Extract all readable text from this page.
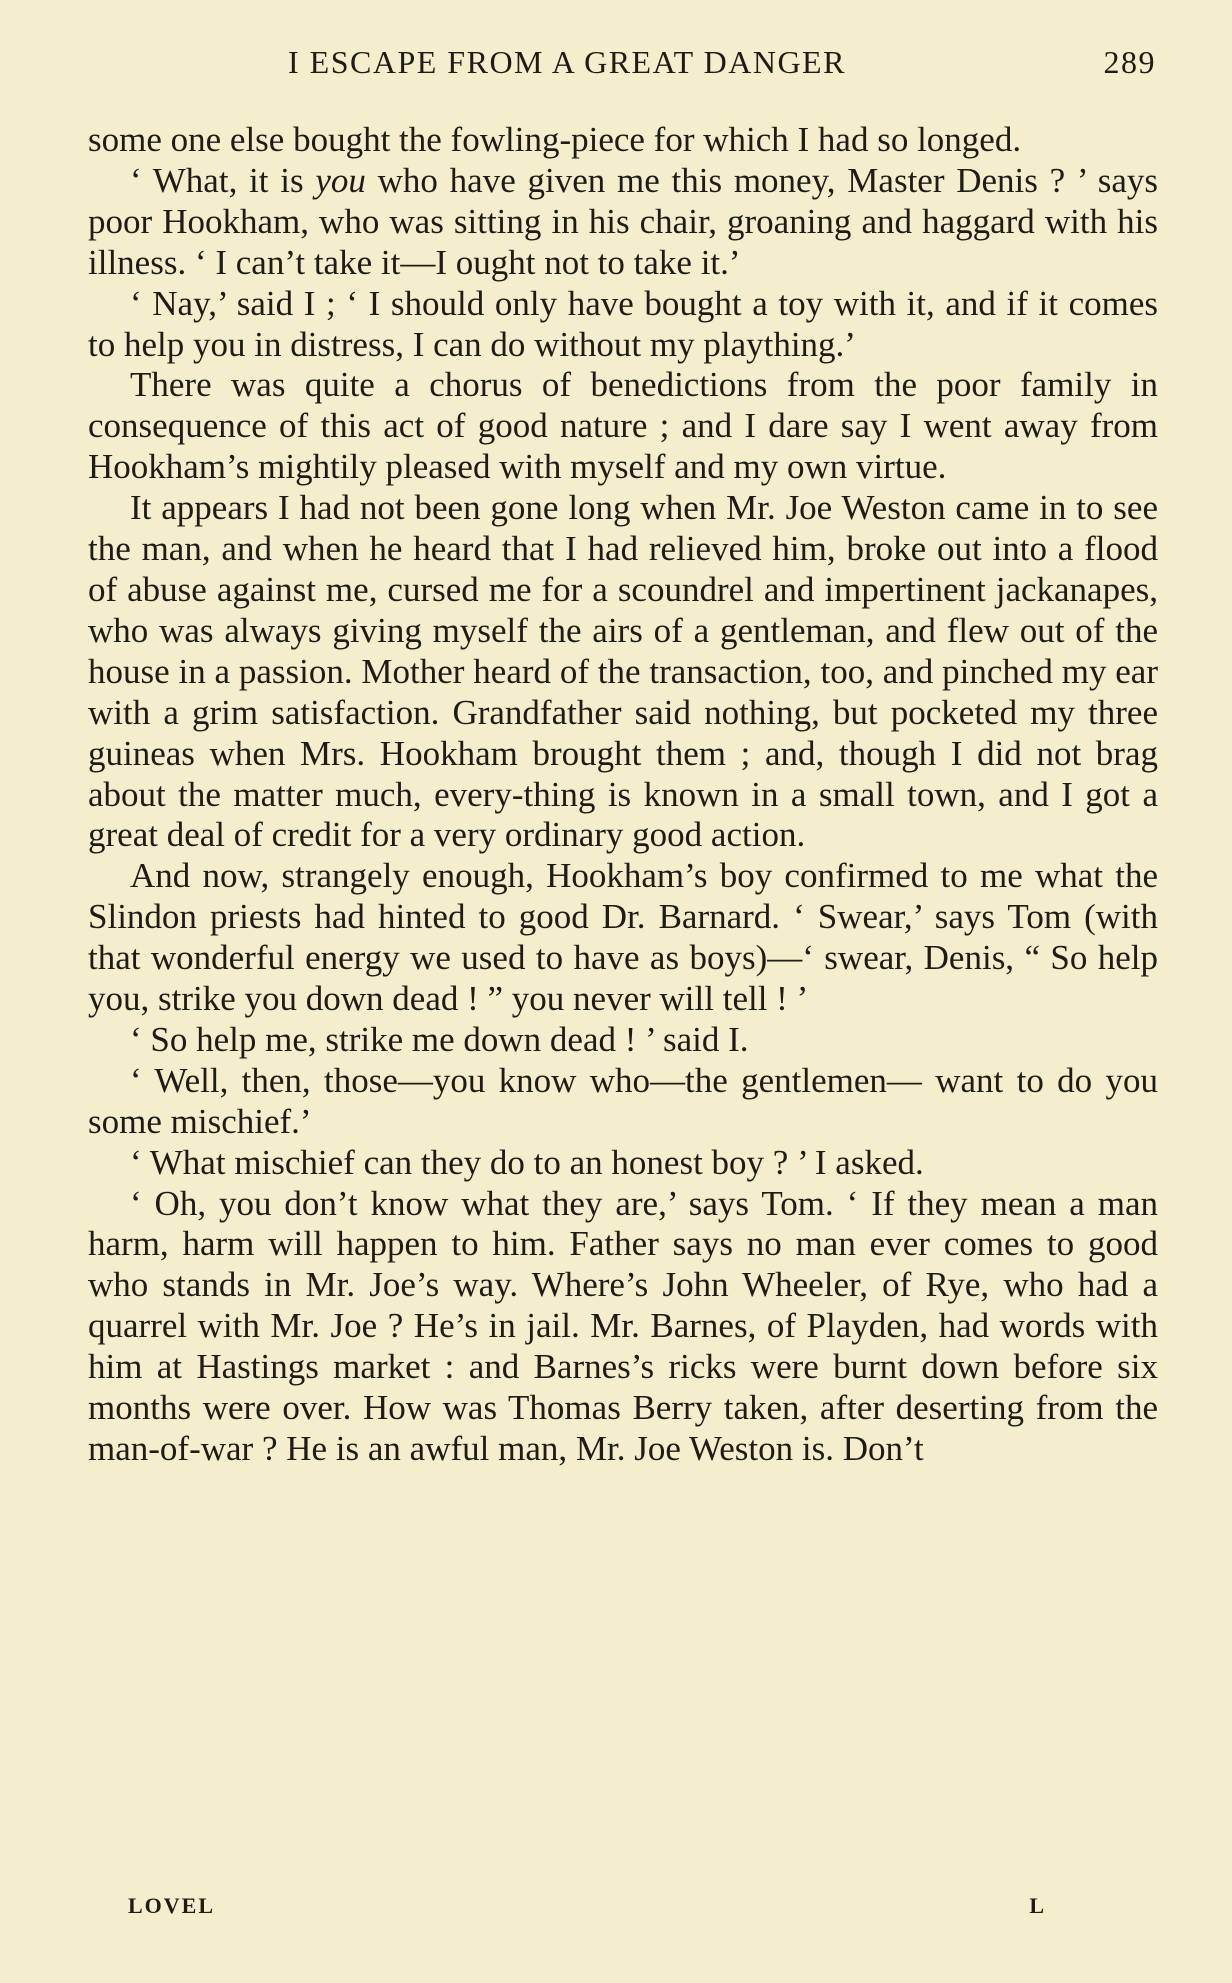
I ESCAPE FROM A GREAT DANGER	289

some one else bought the fowling-piece for which I had so longed.

‘ What, it is you who have given me this money, Master Denis ? ’ says poor Hookham, who was sitting in his chair, groaning and haggard with his illness. ‘ I can’t take it—I ought not to take it.’

‘ Nay,’ said I ; ‘ I should only have bought a toy with it, and if it comes to help you in distress, I can do without my plaything.’

There was quite a chorus of benedictions from the poor family in consequence of this act of good nature ; and I dare say I went away from Hookham’s mightily pleased with myself and my own virtue.

It appears I had not been gone long when Mr. Joe Weston came in to see the man, and when he heard that I had relieved him, broke out into a flood of abuse against me, cursed me for a scoundrel and impertinent jackanapes, who was always giving myself the airs of a gentleman, and flew out of the house in a passion. Mother heard of the transaction, too, and pinched my ear with a grim satisfaction. Grandfather said nothing, but pocketed my three guineas when Mrs. Hookham brought them ; and, though I did not brag about the matter much, every-thing is known in a small town, and I got a great deal of credit for a very ordinary good action.

And now, strangely enough, Hookham’s boy confirmed to me what the Slindon priests had hinted to good Dr. Barnard. ‘ Swear,’ says Tom (with that wonderful energy we used to have as boys)—‘ swear, Denis, “ So help you, strike you down dead ! ” you never will tell ! ’

‘ So help me, strike me down dead ! ’ said I.

‘ Well, then, those—you know who—the gentlemen— want to do you some mischief.’

‘ What mischief can they do to an honest boy ? ’ I asked.

‘ Oh, you don’t know what they are,’ says Tom. ‘ If they mean a man harm, harm will happen to him. Father says no man ever comes to good who stands in Mr. Joe’s way. Where’s John Wheeler, of Rye, who had a quarrel with Mr. Joe ? He’s in jail. Mr. Barnes, of Playden, had words with him at Hastings market : and Barnes’s ricks were burnt down before six months were over. How was Thomas Berry taken, after deserting from the man-of-war ? He is an awful man, Mr. Joe Weston is. Don’t

LOVEL	L
